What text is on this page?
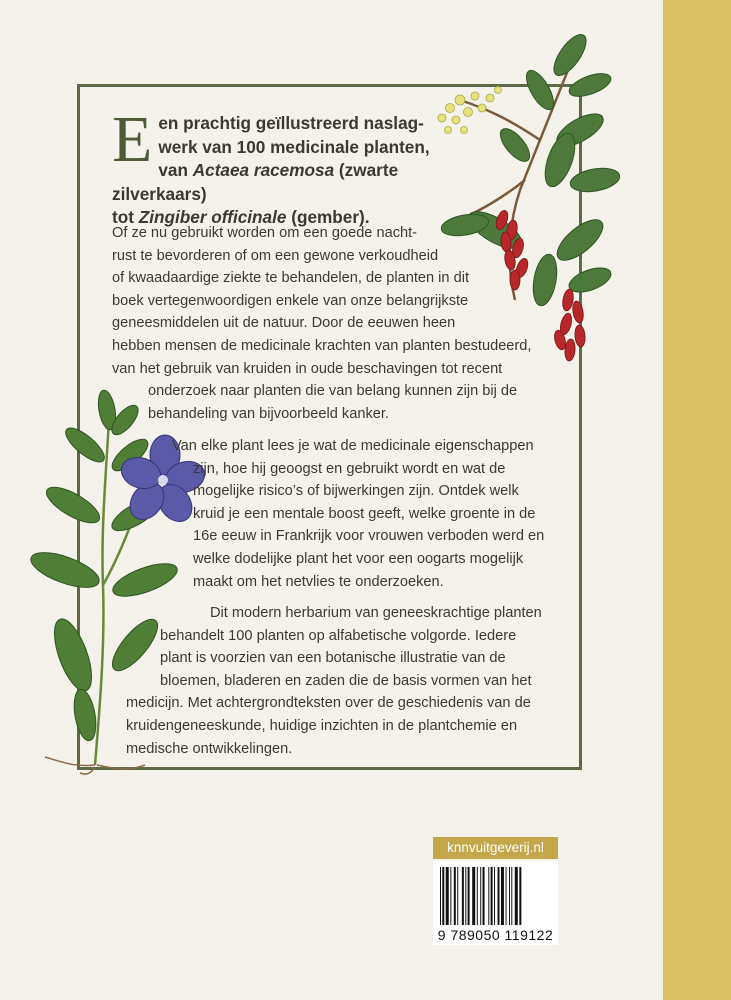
E en prachtig geïllustreerd naslag-
werk van 100 medicinale planten,
van Actaea racemosa (zwarte zilverkaars)
tot Zingiber officinale (gember).
Of ze nu gebruikt worden om een goede nacht-
rust te bevorderen of om een gewone verkoudheid
of kwaadaardige ziekte te behandelen, de planten in dit
boek vertegenwoordigen enkele van onze belangrijkste
geneesmiddelen uit de natuur. Door de eeuwen heen
hebben mensen de medicinale krachten van planten bestudeerd,
van het gebruik van kruiden in oude beschavingen tot recent
onderzoek naar planten die van belang kunnen zijn bij de
behandeling van bijvoorbeeld kanker.
Van elke plant lees je wat de medicinale eigenschappen
zijn, hoe hij geoogst en gebruikt wordt en wat de
mogelijke risico’s of bijwerkingen zijn. Ontdek welk
kruid je een mentale boost geeft, welke groente in de
16e eeuw in Frankrijk voor vrouwen verboden werd en
welke dodelijke plant het voor een oogarts mogelijk
maakt om het netvlies te onderzoeken.
Dit modern herbarium van geneeskrachtige planten
behandelt 100 planten op alfabetische volgorde. Iedere
plant is voorzien van een botanische illustratie van de
bloemen, bladeren en zaden die de basis vormen van het
medicijn. Met achtergrondteksten over de geschiedenis van de
kruidengeneeskunde, huidige inzichten in de plantchemie en
medische ontwikkelingen.
knnvuitgeverij.nl
9 789050 119122
